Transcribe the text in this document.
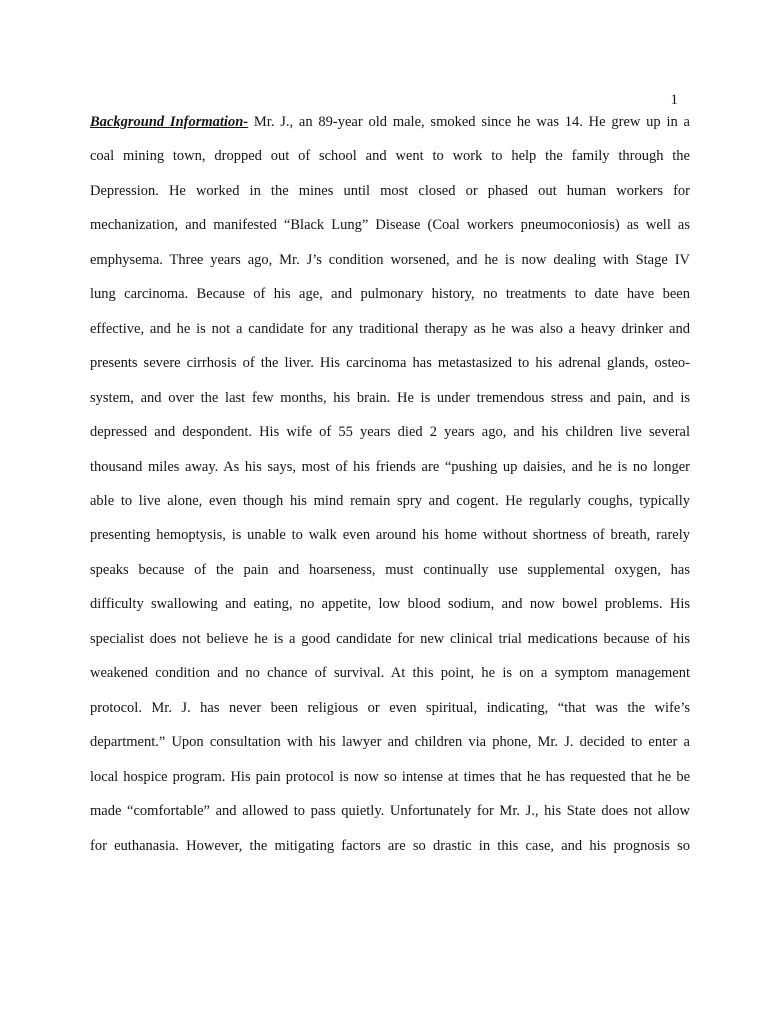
1
Background Information- Mr. J., an 89-year old male, smoked since he was 14. He grew up in a
coal mining town, dropped out of school and went to work to help the family through the
Depression. He worked in the mines until most closed or phased out human workers for
mechanization, and manifested “Black Lung” Disease (Coal workers pneumoconiosis) as well as
emphysema. Three years ago, Mr. J’s condition worsened, and he is now dealing with Stage IV
lung carcinoma. Because of his age, and pulmonary history, no treatments to date have been
effective, and he is not a candidate for any traditional therapy as he was also a heavy drinker and
presents severe cirrhosis of the liver. His carcinoma has metastasized to his adrenal glands, osteo-
system, and over the last few months, his brain. He is under tremendous stress and pain, and is
depressed and despondent. His wife of 55 years died 2 years ago, and his children live several
thousand miles away. As his says, most of his friends are “pushing up daisies, and he is no longer
able to live alone, even though his mind remain spry and cogent. He regularly coughs, typically
presenting hemoptysis, is unable to walk even around his home without shortness of breath, rarely
speaks because of the pain and hoarseness, must continually use supplemental oxygen, has
difficulty swallowing and eating, no appetite, low blood sodium, and now bowel problems. His
specialist does not believe he is a good candidate for new clinical trial medications because of his
weakened condition and no chance of survival. At this point, he is on a symptom management
protocol. Mr. J. has never been religious or even spiritual, indicating, “that was the wife’s
department.” Upon consultation with his lawyer and children via phone, Mr. J. decided to enter a
local hospice program. His pain protocol is now so intense at times that he has requested that he be
made “comfortable” and allowed to pass quietly. Unfortunately for Mr. J., his State does not allow
for euthanasia. However, the mitigating factors are so drastic in this case, and his prognosis so
